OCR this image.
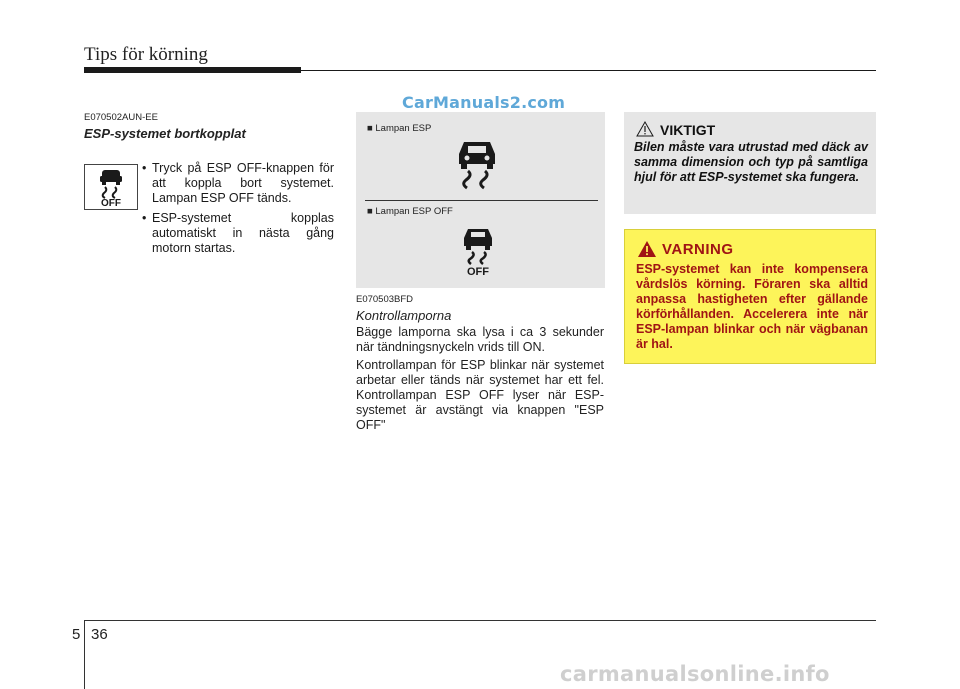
Tips för körning
E070502AUN-EE
ESP-systemet bortkopplat
OFF
• Tryck på ESP OFF-knappen för att koppla bort systemet. Lampan ESP OFF tänds.
• ESP-systemet kopplas automatiskt in nästa gång motorn startas.
CarManuals2.com
■ Lampan ESP
■ Lampan ESP OFF
OFF
E070503BFD
Kontrollamporna
Bägge lamporna ska lysa i ca 3 sekunder när tändningsnyckeln vrids till ON.
Kontrollampan för ESP blinkar när systemet arbetar eller tänds när systemet har ett fel. Kontrollampan ESP OFF lyser när ESP-systemet är avstängt via knappen "ESP OFF"
VIKTIGT
Bilen måste vara utrustad med däck av samma dimension och typ på samtliga hjul för att ESP-systemet ska fungera.
VARNING
ESP-systemet kan inte kompensera vårdslös körning. Föraren ska alltid anpassa hastigheten efter gällande körförhållanden. Accelerera inte när ESP-lampan blinkar och när vägbanan är hal.
5 36
carmanualsonline.info
